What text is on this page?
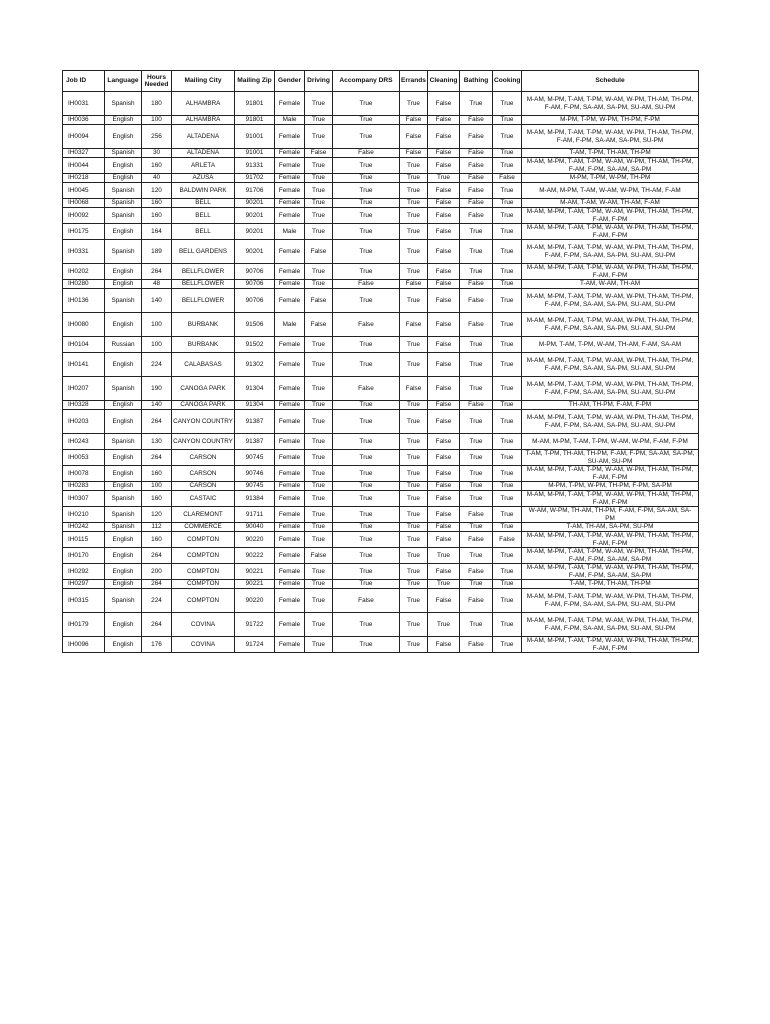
Job ID	Language	Hours Needed	Mailing City	Mailing Zip	Gender	Driving	Accompany DRS	Errands	Cleaning	Bathing	Cooking	Schedule
IH0031	Spanish	180	ALHAMBRA	91801	Female	True	True	True	False	True	True	M-AM, M-PM, T-AM, T-PM, W-AM, W-PM, TH-AM, TH-PM, F-AM, F-PM, SA-AM, SA-PM, SU-AM, SU-PM
IH0036	English	100	ALHAMBRA	91801	Male	True	True	False	False	False	True	M-PM, T-PM, W-PM, TH-PM, F-PM
IH0094	English	256	ALTADENA	91001	Female	True	True	False	False	False	True	M-AM, M-PM, T-AM, T-PM, W-AM, W-PM, TH-AM, TH-PM, F-AM, F-PM, SA-AM, SA-PM, SU-PM
IH0327	Spanish	30	ALTADENA	91001	Female	False	False	False	False	False	True	T-AM, T-PM, TH-AM, TH-PM
IH0044	English	160	ARLETA	91331	Female	True	True	True	False	False	True	M-AM, M-PM, T-AM, T-PM, W-AM, W-PM, TH-AM, TH-PM, F-AM, F-PM, SA-AM, SA-PM
IH0218	English	40	AZUSA	91702	Female	True	True	True	True	False	False	M-PM, T-PM, W-PM, TH-PM
IH0045	Spanish	120	BALDWIN PARK	91706	Female	True	True	True	False	False	True	M-AM, M-PM, T-AM, W-AM, W-PM, TH-AM, F-AM
IH0068	Spanish	160	BELL	90201	Female	True	True	True	False	False	True	M-AM, T-AM, W-AM, TH-AM, F-AM
IH0092	Spanish	160	BELL	90201	Female	True	True	True	False	False	True	M-AM, M-PM, T-AM, T-PM, W-AM, W-PM, TH-AM, TH-PM, F-AM, F-PM
IH0175	English	164	BELL	90201	Male	True	True	True	False	True	True	M-AM, M-PM, T-AM, T-PM, W-AM, W-PM, TH-AM, TH-PM, F-AM, F-PM
IH0331	Spanish	189	BELL GARDENS	90201	Female	False	True	True	False	True	True	M-AM, M-PM, T-AM, T-PM, W-AM, W-PM, TH-AM, TH-PM, F-AM, F-PM, SA-AM, SA-PM, SU-AM, SU-PM
IH0202	English	264	BELLFLOWER	90706	Female	True	True	True	False	True	True	M-AM, M-PM, T-AM, T-PM, W-AM, W-PM, TH-AM, TH-PM, F-AM, F-PM
IH0280	English	48	BELLFLOWER	90706	Female	True	False	False	False	False	True	T-AM, W-AM, TH-AM
IH0136	Spanish	140	BELLFLOWER	90706	Female	False	True	True	False	False	True	M-AM, M-PM, T-AM, T-PM, W-AM, W-PM, TH-AM, TH-PM, F-AM, F-PM, SA-AM, SA-PM, SU-AM, SU-PM
IH0080	English	100	BURBANK	91506	Male	False	False	False	False	False	True	M-AM, M-PM, T-AM, T-PM, W-AM, W-PM, TH-AM, TH-PM, F-AM, F-PM, SA-AM, SA-PM, SU-AM, SU-PM
IH0104	Russian	100	BURBANK	91502	Female	True	True	True	False	True	True	M-PM, T-AM, T-PM, W-AM, TH-AM, F-AM, SA-AM
IH0141	English	224	CALABASAS	91302	Female	True	True	True	False	True	True	M-AM, M-PM, T-AM, T-PM, W-AM, W-PM, TH-AM, TH-PM, F-AM, F-PM, SA-AM, SA-PM, SU-AM, SU-PM
IH0207	Spanish	190	CANOGA PARK	91304	Female	True	False	False	False	True	True	M-AM, M-PM, T-AM, T-PM, W-AM, W-PM, TH-AM, TH-PM, F-AM, F-PM, SA-AM, SA-PM, SU-AM, SU-PM
IH0328	English	140	CANOGA PARK	91304	Female	True	True	True	False	False	True	TH-AM, TH-PM, F-AM, F-PM
IH0203	English	264	CANYON COUNTRY	91387	Female	True	True	True	False	True	True	M-AM, M-PM, T-AM, T-PM, W-AM, W-PM, TH-AM, TH-PM, F-AM, F-PM, SA-AM, SA-PM, SU-AM, SU-PM
IH0243	Spanish	130	CANYON COUNTRY	91387	Female	True	True	True	False	True	True	M-AM, M-PM, T-AM, T-PM, W-AM, W-PM, F-AM, F-PM
IH0053	English	264	CARSON	90745	Female	True	True	True	False	True	True	T-AM, T-PM, TH-AM, TH-PM, F-AM, F-PM, SA-AM, SA-PM, SU-AM, SU-PM
IH0078	English	160	CARSON	90746	Female	True	True	True	False	True	True	M-AM, M-PM, T-AM, T-PM, W-AM, W-PM, TH-AM, TH-PM, F-AM, F-PM
IH0283	English	100	CARSON	90745	Female	True	True	True	False	True	True	M-PM, T-PM, W-PM, TH-PM, F-PM, SA-PM
IH0307	Spanish	160	CASTAIC	91384	Female	True	True	True	False	True	True	M-AM, M-PM, T-AM, T-PM, W-AM, W-PM, TH-AM, TH-PM, F-AM, F-PM
IH0210	Spanish	120	CLAREMONT	91711	Female	True	True	True	False	False	True	W-AM, W-PM, TH-AM, TH-PM, F-AM, F-PM, SA-AM, SA-PM
IH0242	Spanish	112	COMMERCE	90040	Female	True	True	True	False	True	True	T-AM, TH-AM, SA-PM, SU-PM
IH0115	English	160	COMPTON	90220	Female	True	True	True	False	False	False	M-AM, M-PM, T-AM, T-PM, W-AM, W-PM, TH-AM, TH-PM, F-AM, F-PM
IH0170	English	264	COMPTON	90222	Female	False	True	True	True	True	True	M-AM, M-PM, T-AM, T-PM, W-AM, W-PM, TH-AM, TH-PM, F-AM, F-PM, SA-AM, SA-PM
IH0292	English	200	COMPTON	90221	Female	True	True	True	False	False	True	M-AM, M-PM, T-AM, T-PM, W-AM, W-PM, TH-AM, TH-PM, F-AM, F-PM, SA-AM, SA-PM
IH0297	English	264	COMPTON	90221	Female	True	True	True	True	True	True	T-AM, T-PM, TH-AM, TH-PM
IH0315	Spanish	224	COMPTON	90220	Female	True	False	True	False	False	True	M-AM, M-PM, T-AM, T-PM, W-AM, W-PM, TH-AM, TH-PM, F-AM, F-PM, SA-AM, SA-PM, SU-AM, SU-PM
IH0179	English	264	COVINA	91722	Female	True	True	True	True	True	True	M-AM, M-PM, T-AM, T-PM, W-AM, W-PM, TH-AM, TH-PM, F-AM, F-PM, SA-AM, SA-PM, SU-AM, SU-PM
IH0096	English	176	COVINA	91724	Female	True	True	True	False	False	True	M-AM, M-PM, T-AM, T-PM, W-AM, W-PM, TH-AM, TH-PM, F-AM, F-PM
